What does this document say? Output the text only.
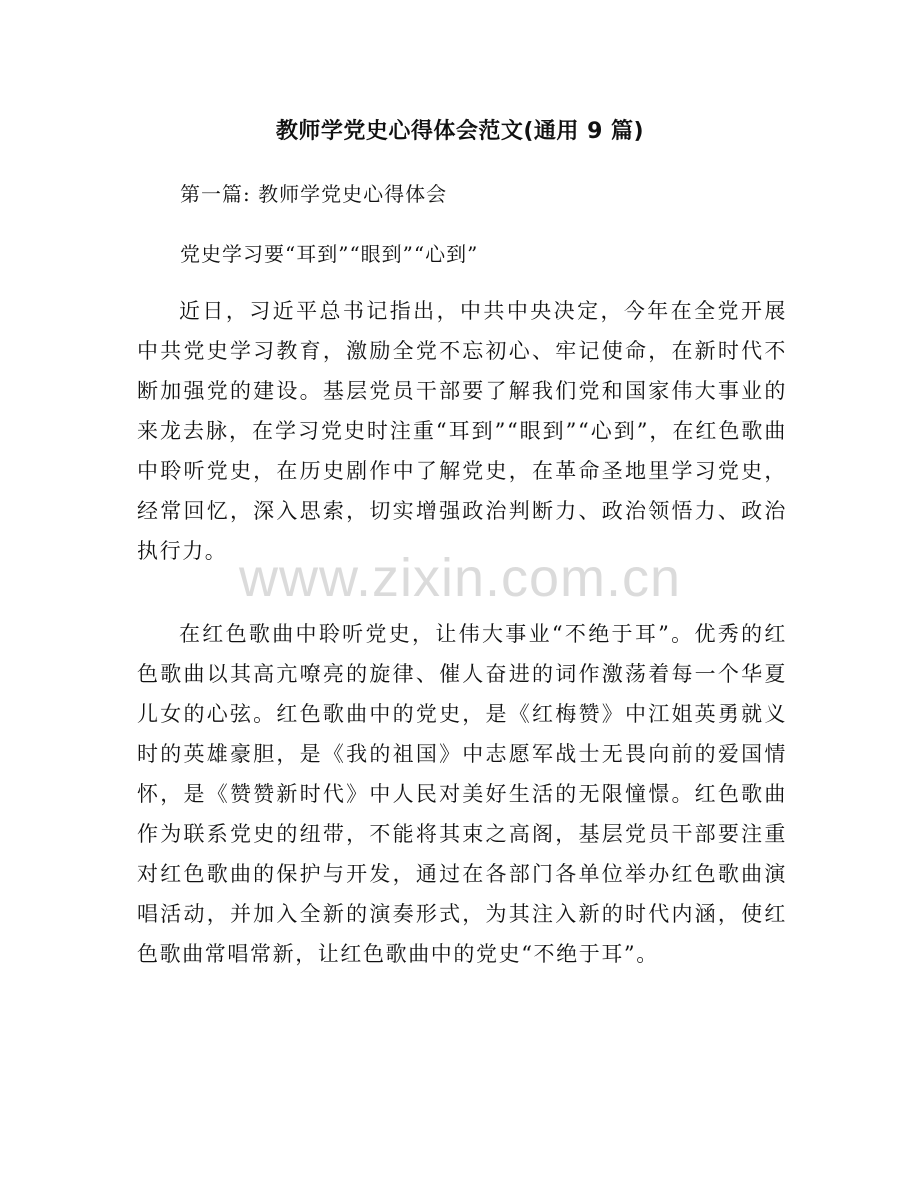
教师学党史心得体会范文(通用 9 篇)
第一篇: 教师学党史心得体会
党史学习要“耳到”“眼到”“心到”

近日，习近平总书记指出，中共中央决定，今年在全党开展中共党史学习教育，激励全党不忘初心、牢记使命，在新时代不断加强党的建设。基层党员干部要了解我们党和国家伟大事业的来龙去脉，在学习党史时注重“耳到”“眼到”“心到”，在红色歌曲中聆听党史，在历史剧作中了解党史，在革命圣地里学习党史，经常回忆，深入思索，切实增强政治判断力、政治领悟力、政治执行力。 www.zixin.com.cn

在红色歌曲中聆听党史，让伟大事业“不绝于耳”。优秀的红色歌曲以其高亢嘹亮的旋律、催人奋进的词作激荡着每一个华夏儿女的心弦。红色歌曲中的党史，是《红梅赞》中江姐英勇就义时的英雄豪胆，是《我的祖国》中志愿军战士无畏向前的爱国情怀，是《赞赞新时代》中人民对美好生活的无限憧憬。红色歌曲作为联系党史的纽带，不能将其束之高阁，基层党员干部要注重对红色歌曲的保护与开发，通过在各部门各单位举办红色歌曲演唱活动，并加入全新的演奏形式，为其注入新的时代内涵，使红色歌曲常唱常新，让红色歌曲中的党史“不绝于耳”。
